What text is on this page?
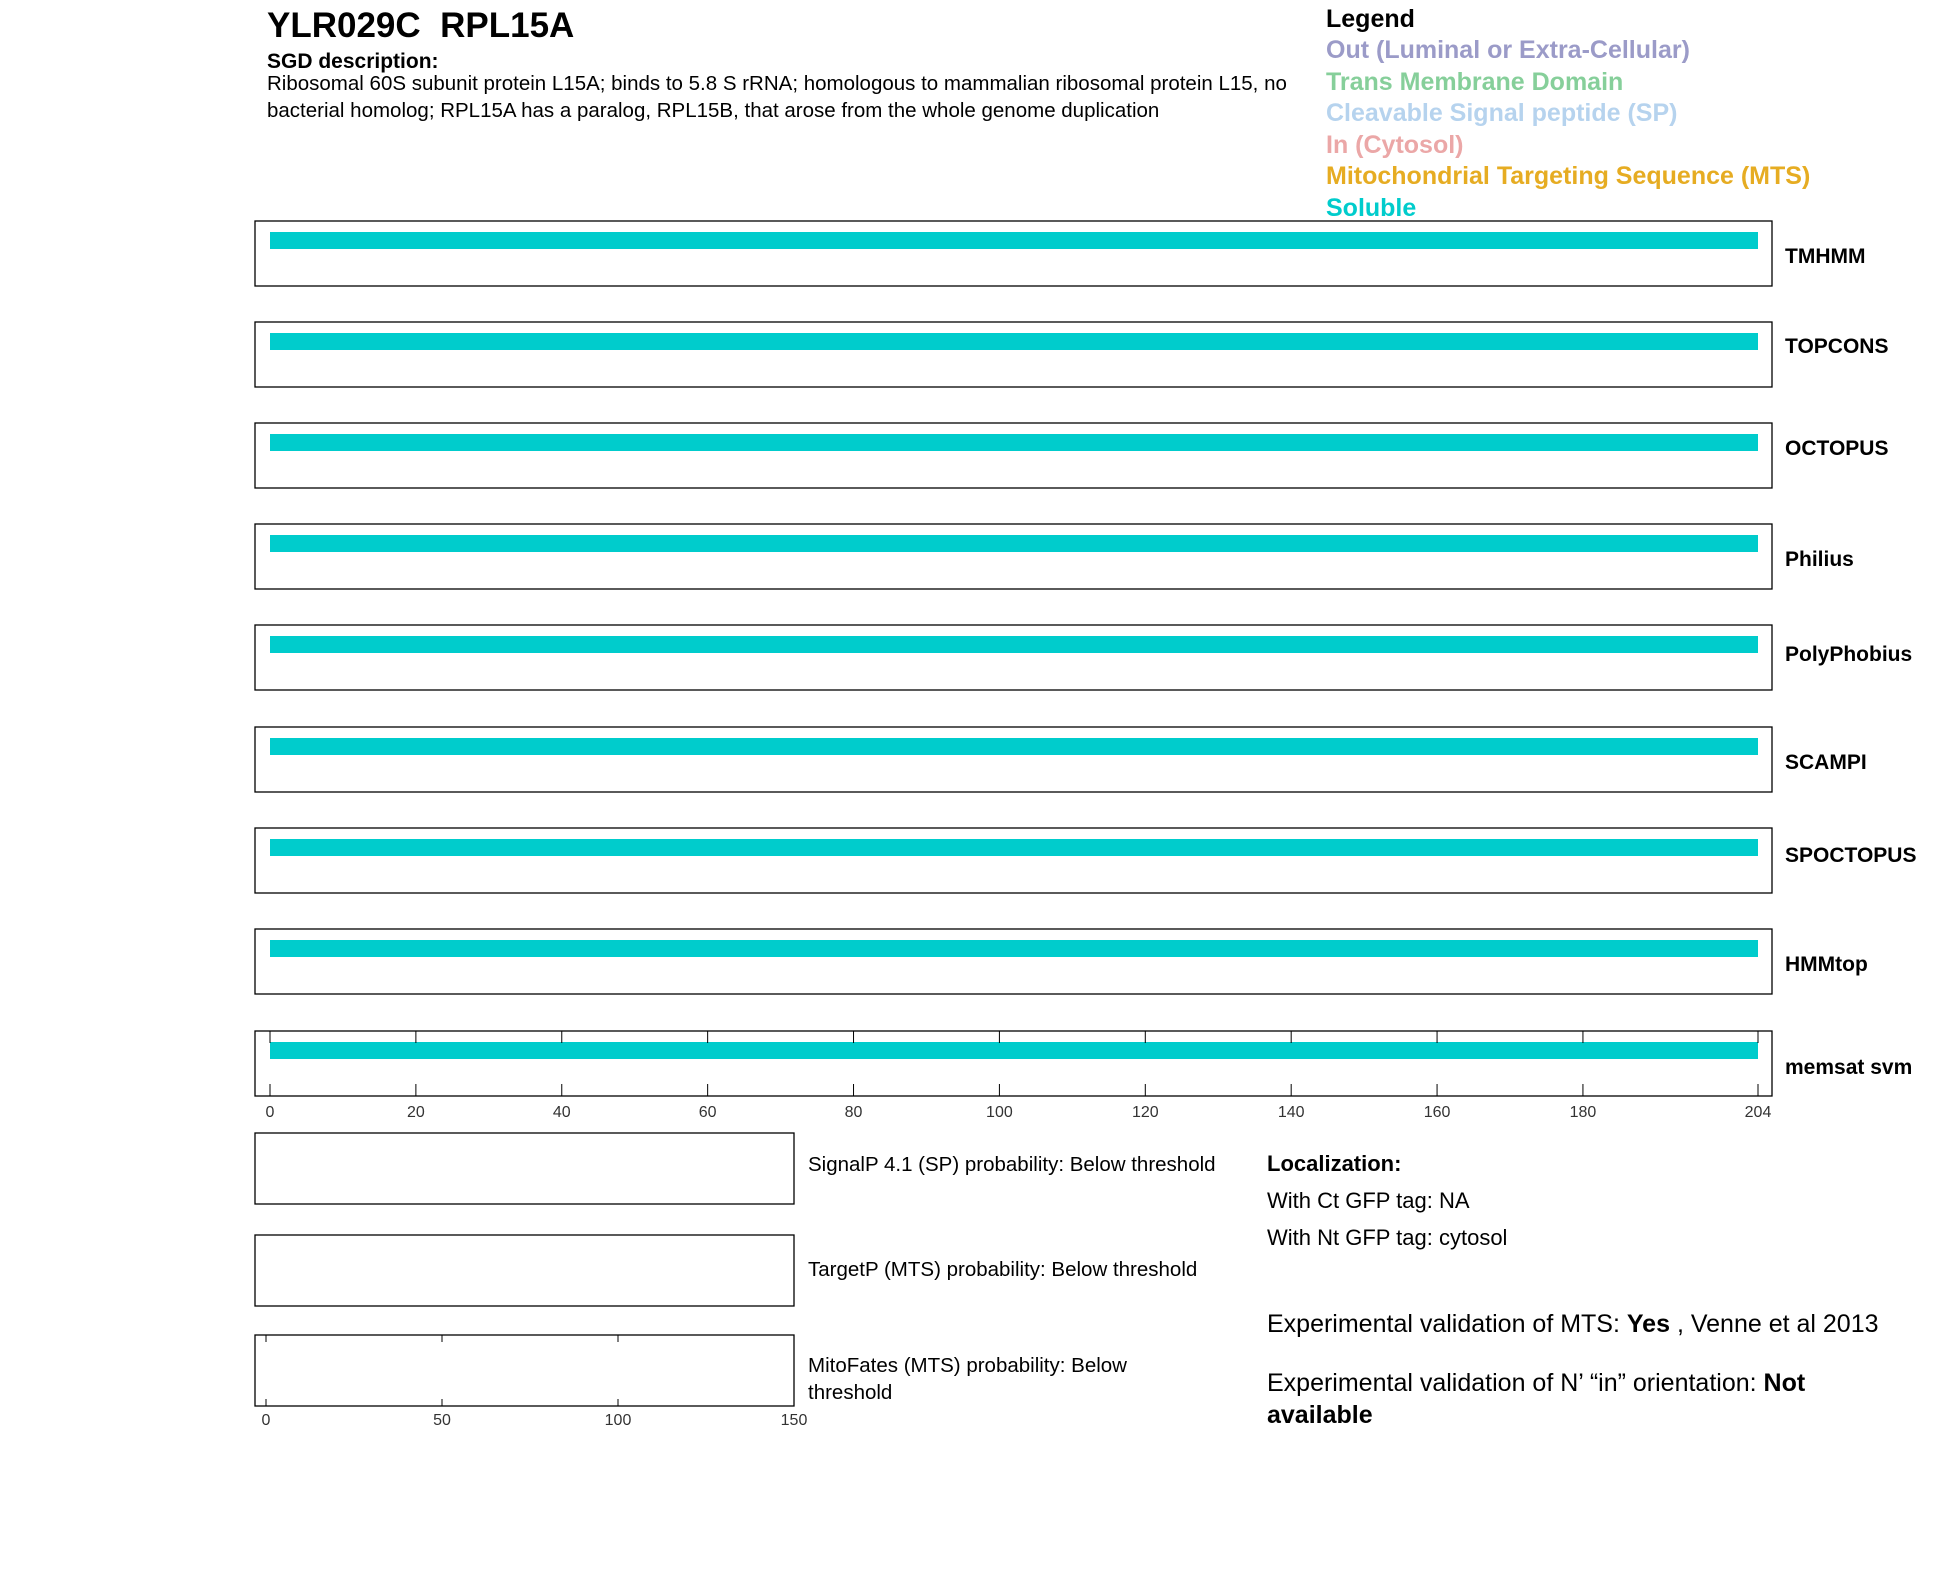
TMHMM
TOPCONS
OCTOPUS
Philius
PolyPhobius
SCAMPI
SPOCTOPUS
HMMtop
memsat svm
0	20	40	60	80	100	120	140	160	180	204
0	50	100	150
YLR029C RPL15A
SGD description:
Ribosomal 60S subunit protein L15A; binds to 5.8 S rRNA; homologous to mammalian ribosomal protein L15, no bacterial homolog; RPL15A has a paralog, RPL15B, that arose from the whole genome duplication
Legend
Out (Luminal or Extra-Cellular)
Trans Membrane Domain
Cleavable Signal peptide (SP)
In (Cytosol)
Mitochondrial Targeting Sequence (MTS)
Soluble
SignalP 4.1 (SP) probability: Below threshold
TargetP (MTS) probability: Below threshold
MitoFates (MTS) probability: Below threshold
Localization:
With Ct GFP tag: NA
With Nt GFP tag: cytosol
Experimental validation of MTS: Yes , Venne et al 2013
Experimental validation of N’ “in” orientation: Not available
